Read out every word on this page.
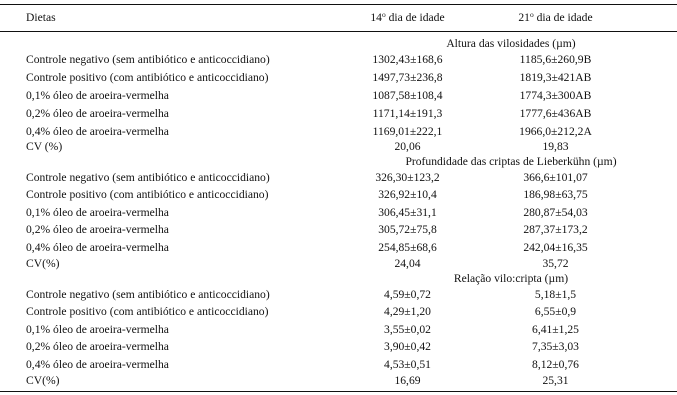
Dietas	14$^o$ dia de idade	21$^o$ dia de idade
Altura das vilosidades (µm)
Controle negativo (sem antibiótico e anticoccidiano)	1302,43±168,6	1185,6±260,9B
Controle positivo (com antibiótico e anticoccidiano)	1497,73±236,8	1819,3±421AB
0,1% óleo de aroeira-vermelha	1087,58±108,4	1774,3±300AB
0,2% óleo de aroeira-vermelha	1171,14±191,3	1777,6±436AB
0,4% óleo de aroeira-vermelha	1169,01±222,1	1966,0±212,2A
CV (%)	20,06	19,83
Profundidade das criptas de Lieberkühn (µm)
Controle negativo (sem antibiótico e anticoccidiano)	326,30±123,2	366,6±101,07
Controle positivo (com antibiótico e anticoccidiano)	326,92±10,4	186,98±63,75
0,1% óleo de aroeira-vermelha	306,45±31,1	280,87±54,03
0,2% óleo de aroeira-vermelha	305,72±75,8	287,37±173,2
0,4% óleo de aroeira-vermelha	254,85±68,6	242,04±16,35
CV(%)	24,04	35,72
Relação vilo:cripta (µm)
Controle negativo (sem antibiótico e anticoccidiano)	4,59±0,72	5,18±1,5
Controle positivo (com antibiótico e anticoccidiano)	4,29±1,20	6,55±0,9
0,1% óleo de aroeira-vermelha	3,55±0,02	6,41±1,25
0,2% óleo de aroeira-vermelha	3,90±0,42	7,35±3,03
0,4% óleo de aroeira-vermelha	4,53±0,51	8,12±0,76
CV(%)	16,69	25,31
